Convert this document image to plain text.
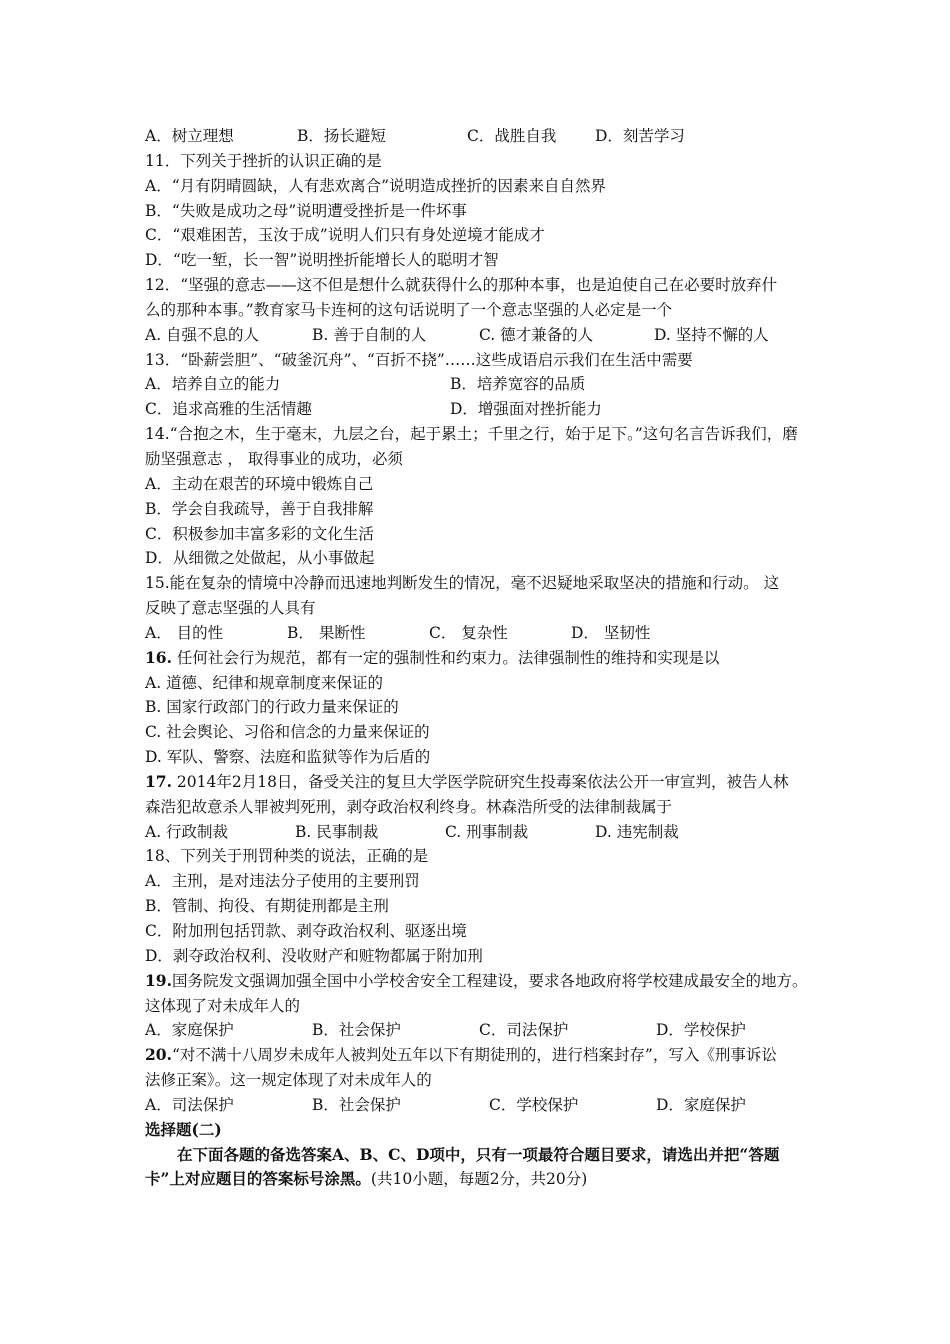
A．树立理想	B．扬长避短	C．战胜自我	D．刻苦学习
11．下列关于挫折的认识正确的是
A．“月有阴晴圆缺，人有悲欢离合”说明造成挫折的因素来自自然界
B．“失败是成功之母”说明遭受挫折是一件坏事
C．“艰难困苦，玉汝于成”说明人们只有身处逆境才能成才
D．“吃一堑，长一智”说明挫折能增长人的聪明才智
12．“坚强的意志——这不但是想什么就获得什么的那种本事，也是迫使自己在必要时放弃什
么的那种本事。”教育家马卡连柯的这句话说明了一个意志坚强的人必定是一个
A. 自强不息的人	B. 善于自制的人	C. 德才兼备的人	D. 坚持不懈的人
13．“卧薪尝胆”、“破釜沉舟”、“百折不挠”……这些成语启示我们在生活中需要
A．培养自立的能力	B．培养宽容的品质
C．追求高雅的生活情趣	D．增强面对挫折能力
14.“合抱之木，生于毫末，九层之台，起于累土；千里之行，始于足下。”这句名言告诉我们，磨
励坚强意志 ， 取得事业的成功，必须
A．主动在艰苦的环境中锻炼自己
B．学会自我疏导，善于自我排解
C．积极参加丰富多彩的文化生活
D．从细微之处做起，从小事做起
15.能在复杂的情境中冷静而迅速地判断发生的情况，毫不迟疑地采取坚决的措施和行动。 这
反映了意志坚强的人具有
A． 目的性	B． 果断性	C． 复杂性	D． 坚韧性
16. 任何社会行为规范，都有一定的强制性和约束力。法律强制性的维持和实现是以
A. 道德、纪律和规章制度来保证的
B. 国家行政部门的行政力量来保证的
C. 社会舆论、习俗和信念的力量来保证的
D. 军队、警察、法庭和监狱等作为后盾的
17. 2014年2月18日，备受关注的复旦大学医学院研究生投毒案依法公开一审宣判，被告人林
森浩犯故意杀人罪被判死刑，剥夺政治权利终身。林森浩所受的法律制裁属于
A. 行政制裁	B. 民事制裁	C. 刑事制裁	D. 违宪制裁
18、下列关于刑罚种类的说法，正确的是
A．主刑，是对违法分子使用的主要刑罚
B．管制、拘役、有期徒刑都是主刑
C．附加刑包括罚款、剥夺政治权利、驱逐出境
D．剥夺政治权利、没收财产和赃物都属于附加刑
19.国务院发文强调加强全国中小学校舍安全工程建设，要求各地政府将学校建成最安全的地方。
这体现了对未成年人的
A．家庭保护	B．社会保护	C．司法保护	D．学校保护
20.“对不满十八周岁未成年人被判处五年以下有期徒刑的，进行档案封存”，写入《刑事诉讼
法修正案》。这一规定体现了对未成年人的
A．司法保护	B．社会保护	C．学校保护	D．家庭保护
选择题(二)
在下面各题的备选答案A、B、C、D项中，只有一项最符合题目要求，请选出并把“答题
卡”上对应题目的答案标号涂黑。(共10小题，每题2分，共20分)
